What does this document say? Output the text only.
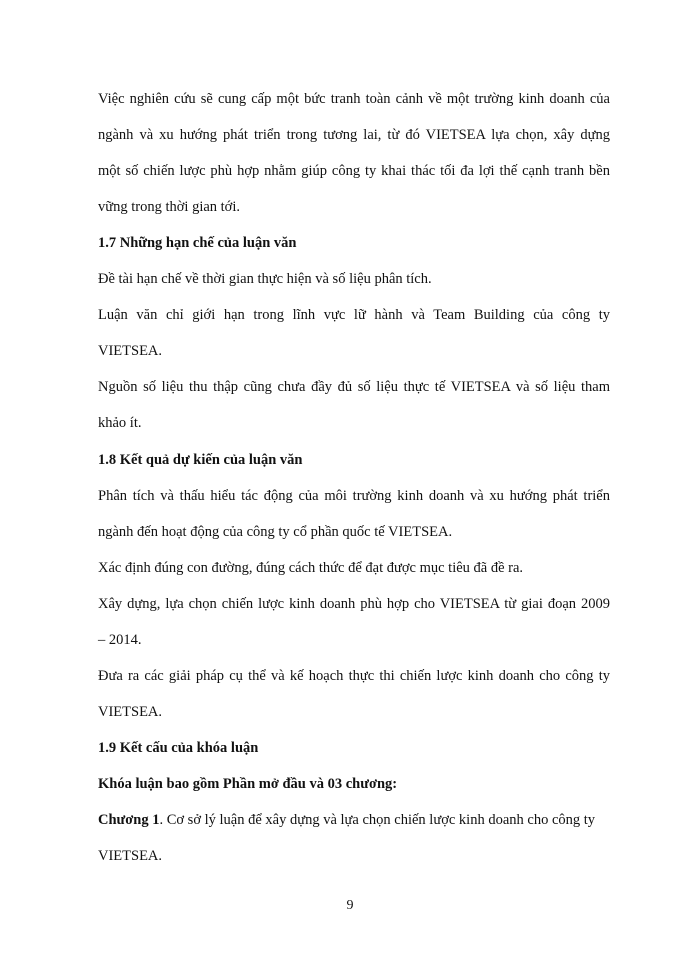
Việc nghiên cứu sẽ cung cấp một bức tranh toàn cảnh về một trường kinh doanh của

ngành và xu hướng phát triển trong tương lai, từ đó VIETSEA lựa chọn, xây dựng

một số chiến lược phù hợp nhằm giúp công ty khai thác tối đa lợi thế cạnh tranh bền

vững trong thời gian tới.

1.7 Những hạn chế của luận văn

Đề tài hạn chế về thời gian thực hiện và số liệu phân tích.

Luận văn chỉ giới hạn trong lĩnh vực lữ hành và Team Building của công ty

VIETSEA.

Nguồn số liệu thu thập cũng chưa đầy đủ số liệu thực tế VIETSEA và số liệu tham

khảo ít.

1.8 Kết quả dự kiến của luận văn

Phân tích và thấu hiểu tác động của môi trường kinh doanh và xu hướng phát triển

ngành đến hoạt động của công ty cổ phần quốc tế VIETSEA.

Xác định đúng con đường, đúng cách thức để đạt được mục tiêu đã đề ra.

Xây dựng, lựa chọn chiến lược kinh doanh phù hợp cho VIETSEA từ giai đoạn 2009

– 2014.

Đưa ra các giải pháp cụ thể và kế hoạch thực thi chiến lược kinh doanh cho công ty

VIETSEA.

1.9 Kết cấu của khóa luận

Khóa luận bao gồm Phần mở đầu và 03 chương:

Chương 1. Cơ sở lý luận để xây dựng và lựa chọn chiến lược kinh doanh cho công ty

VIETSEA.

9
